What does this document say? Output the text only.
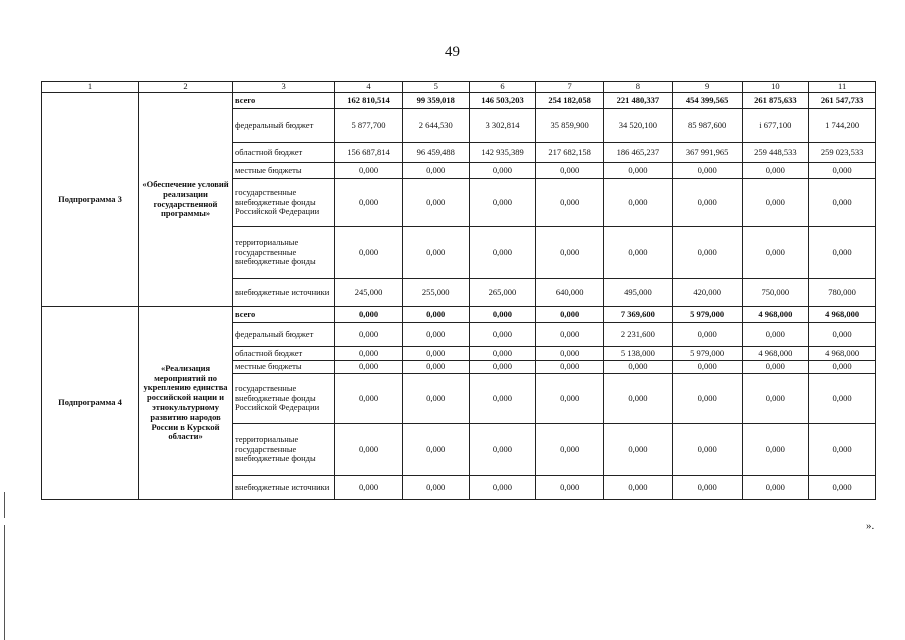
49
1	2	3	4	5	6	7	8	9	10	11
Подпрограмма 3	«Обеспечение условий реализации государственной программы»	всего	162 810,514	99 359,018	146 503,203	254 182,058	221 480,337	454 399,565	261 875,633	261 547,733
		федеральный бюджет	5 877,700	2 644,530	3 302,814	35 859,900	34 520,100	85 987,600	i 677,100	1 744,200
		областной бюджет	156 687,814	96 459,488	142 935,389	217 682,158	186 465,237	367 991,965	259 448,533	259 023,533
		местные бюджеты	0,000	0,000	0,000	0,000	0,000	0,000	0,000	0,000
		государственные внебюджетные фонды Российской Федерации	0,000	0,000	0,000	0,000	0,000	0,000	0,000	0,000
		территориальные государственные внебюджетные фонды	0,000	0,000	0,000	0,000	0,000	0,000	0,000	0,000
		внебюджетные источники	245,000	255,000	265,000	640,000	495,000	420,000	750,000	780,000
Подпрограмма 4	«Реализация мероприятий по укреплению единства российской нации и этнокультурному развитию народов России в Курской области»	всего	0,000	0,000	0,000	0,000	7 369,600	5 979,000	4 968,000	4 968,000
		федеральный бюджет	0,000	0,000	0,000	0,000	2 231,600	0,000	0,000	0,000
		областной бюджет	0,000	0,000	0,000	0,000	5 138,000	5 979,000	4 968,000	4 968,000
		местные бюджеты	0,000	0,000	0,000	0,000	0,000	0,000	0,000	0,000
		государственные внебюджетные фонды Российской Федерации	0,000	0,000	0,000	0,000	0,000	0,000	0,000	0,000
		территориальные государственные внебюджетные фонды	0,000	0,000	0,000	0,000	0,000	0,000	0,000	0,000
		внебюджетные источники	0,000	0,000	0,000	0,000	0,000	0,000	0,000	0,000
».
